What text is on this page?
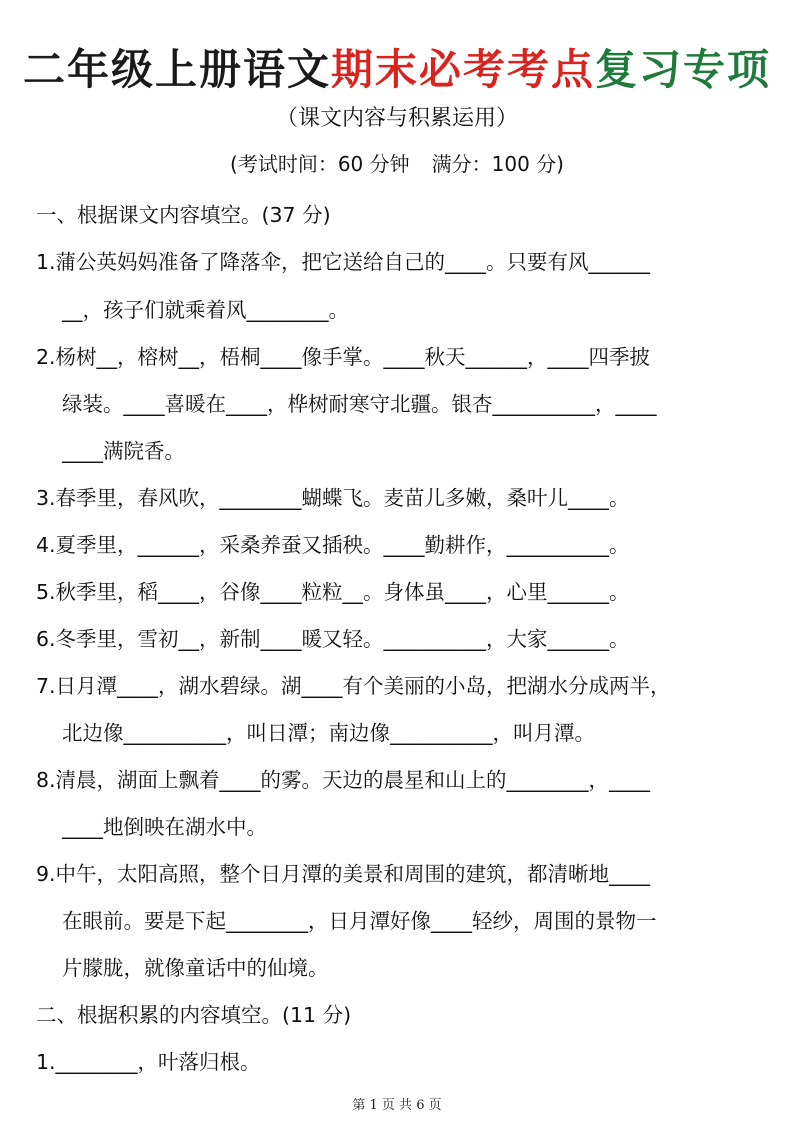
二年级上册语文期末必考考点复习专项
（课文内容与积累运用）
(考试时间：60 分钟 满分：100 分)
一、根据课文内容填空。(37 分)
1.蒲公英妈妈准备了降落伞，把它送给自己的____。只要有风______
__，孩子们就乘着风________。
2.杨树__，榕树__，梧桐____像手掌。____秋天______，____四季披
绿装。____喜暖在____，桦树耐寒守北疆。银杏__________，____
____满院香。
3.春季里，春风吹，________蝴蝶飞。麦苗儿多嫩，桑叶儿____。
4.夏季里，______，采桑养蚕又插秧。____勤耕作，__________。
5.秋季里，稻____，谷像____粒粒__。身体虽____，心里______。
6.冬季里，雪初__，新制____暖又轻。__________，大家______。
7.日月潭____，湖水碧绿。湖____有个美丽的小岛，把湖水分成两半，
北边像__________，叫日潭；南边像__________，叫月潭。
8.清晨，湖面上飘着____的雾。天边的晨星和山上的________，____
____地倒映在湖水中。
9.中午，太阳高照，整个日月潭的美景和周围的建筑，都清晰地____
在眼前。要是下起________，日月潭好像____轻纱，周围的景物一
片朦胧，就像童话中的仙境。
二、根据积累的内容填空。(11 分)
1.________，叶落归根。
第 1 页 共 6 页
